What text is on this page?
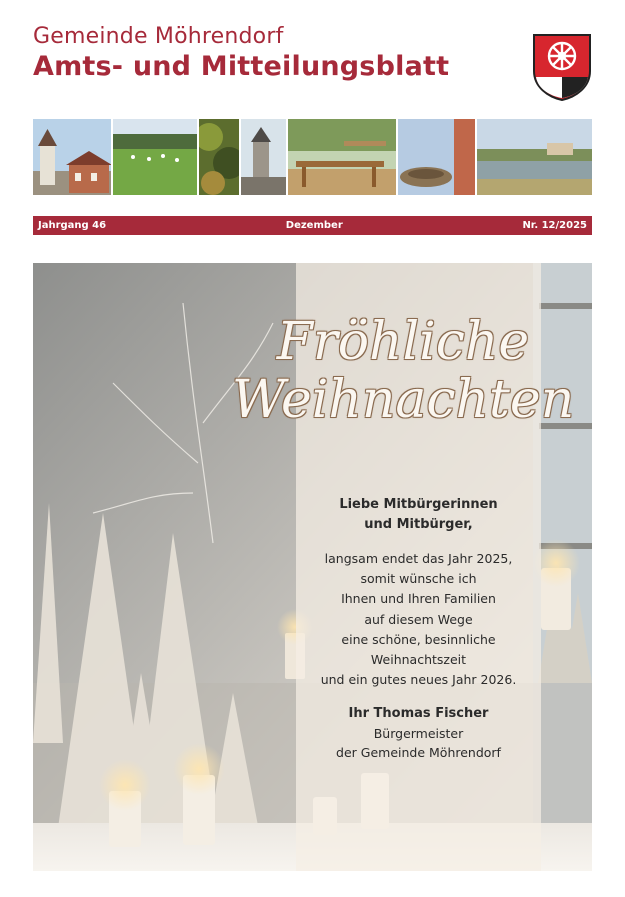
Gemeinde Möhrendorf
Amts- und Mitteilungsblatt
Jahrgang 46	Dezember	Nr. 12/2025
Fröhliche
Weihnachten
Liebe Mitbürgerinnen
und Mitbürger,
langsam endet das Jahr 2025,
somit wünsche ich
Ihnen und Ihren Familien
auf diesem Wege
eine schöne, besinnliche
Weihnachtszeit
und ein gutes neues Jahr 2026.
Ihr Thomas Fischer
Bürgermeister
der Gemeinde Möhrendorf
